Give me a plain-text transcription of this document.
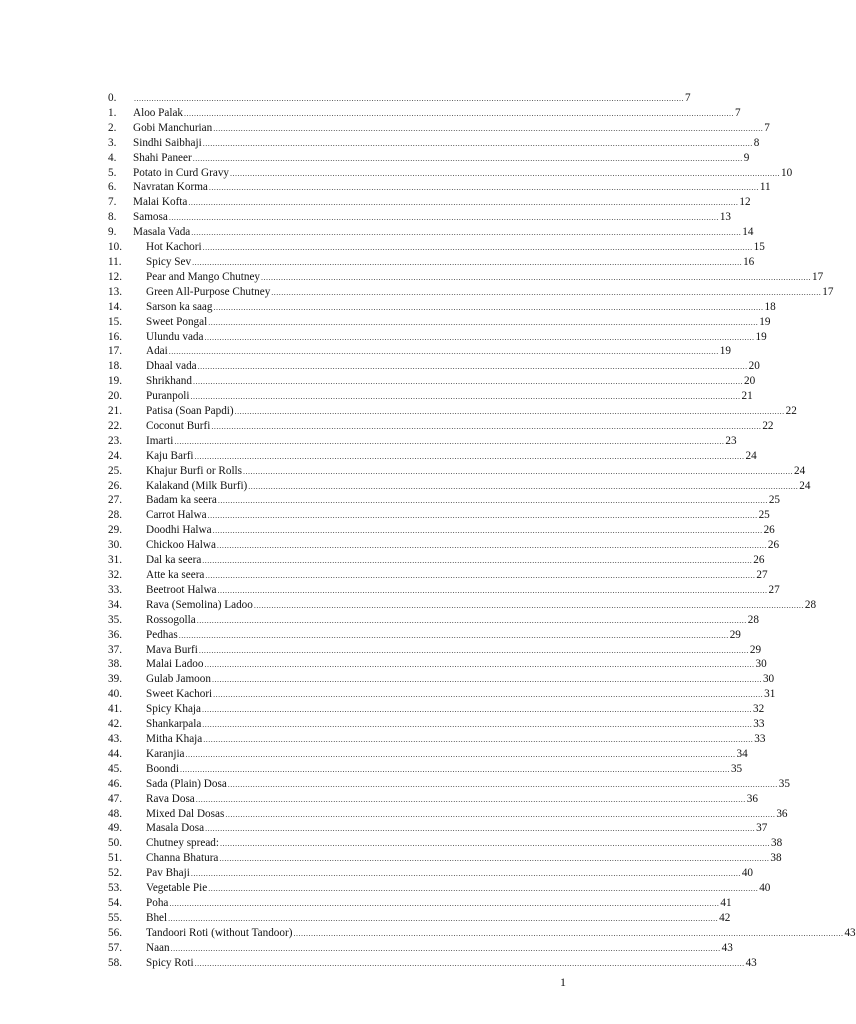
0.	............................................................................................................................................................................................................................ 7
1.	Aloo Palak ............................................................................................................................................................................................................................ 7
2.	Gobi Manchurian ............................................................................................................................................................................................................................ 7
3.	Sindhi Saibhaji ............................................................................................................................................................................................................................ 8
4.	Shahi Paneer ............................................................................................................................................................................................................................ 9
5.	Potato in Curd Gravy ............................................................................................................................................................................................................................ 10
6.	Navratan Korma ............................................................................................................................................................................................................................ 11
7.	Malai Kofta ............................................................................................................................................................................................................................ 12
8.	Samosa ............................................................................................................................................................................................................................ 13
9.	Masala Vada ............................................................................................................................................................................................................................ 14
10.	Hot Kachori ............................................................................................................................................................................................................................ 15
11.	Spicy Sev ............................................................................................................................................................................................................................ 16
12.	Pear and Mango Chutney ............................................................................................................................................................................................................................ 17
13.	Green All-Purpose Chutney ............................................................................................................................................................................................................................ 17
14.	Sarson ka saag ............................................................................................................................................................................................................................ 18
15.	Sweet Pongal ............................................................................................................................................................................................................................ 19
16.	Ulundu vada ............................................................................................................................................................................................................................ 19
17.	Adai ............................................................................................................................................................................................................................ 19
18.	Dhaal vada ............................................................................................................................................................................................................................ 20
19.	Shrikhand ............................................................................................................................................................................................................................ 20
20.	Puranpoli ............................................................................................................................................................................................................................ 21
21.	Patisa (Soan Papdi) ............................................................................................................................................................................................................................ 22
22.	Coconut Burfi ............................................................................................................................................................................................................................ 22
23.	Imarti ............................................................................................................................................................................................................................ 23
24.	Kaju Barfi ............................................................................................................................................................................................................................ 24
25.	Khajur Burfi or Rolls ............................................................................................................................................................................................................................ 24
26.	Kalakand (Milk Burfi) ............................................................................................................................................................................................................................ 24
27.	Badam ka seera ............................................................................................................................................................................................................................ 25
28.	Carrot Halwa ............................................................................................................................................................................................................................ 25
29.	Doodhi Halwa ............................................................................................................................................................................................................................ 26
30.	Chickoo Halwa ............................................................................................................................................................................................................................ 26
31.	Dal ka seera ............................................................................................................................................................................................................................ 26
32.	Atte ka seera ............................................................................................................................................................................................................................ 27
33.	Beetroot Halwa ............................................................................................................................................................................................................................ 27
34.	Rava (Semolina) Ladoo ............................................................................................................................................................................................................................ 28
35.	Rossogolla ............................................................................................................................................................................................................................ 28
36.	Pedhas ............................................................................................................................................................................................................................ 29
37.	Mava Burfi ............................................................................................................................................................................................................................ 29
38.	Malai Ladoo ............................................................................................................................................................................................................................ 30
39.	Gulab Jamoon ............................................................................................................................................................................................................................ 30
40.	Sweet Kachori ............................................................................................................................................................................................................................ 31
41.	Spicy Khaja ............................................................................................................................................................................................................................ 32
42.	Shankarpala ............................................................................................................................................................................................................................ 33
43.	Mitha Khaja ............................................................................................................................................................................................................................ 33
44.	Karanjia ............................................................................................................................................................................................................................ 34
45.	Boondi ............................................................................................................................................................................................................................ 35
46.	Sada (Plain) Dosa ............................................................................................................................................................................................................................ 35
47.	Rava Dosa ............................................................................................................................................................................................................................ 36
48.	Mixed Dal Dosas ............................................................................................................................................................................................................................ 36
49.	Masala Dosa ............................................................................................................................................................................................................................ 37
50.	Chutney spread: ............................................................................................................................................................................................................................ 38
51.	Channa Bhatura ............................................................................................................................................................................................................................ 38
52.	Pav Bhaji ............................................................................................................................................................................................................................ 40
53.	Vegetable Pie ............................................................................................................................................................................................................................ 40
54.	Poha ............................................................................................................................................................................................................................ 41
55.	Bhel ............................................................................................................................................................................................................................ 42
56.	Tandoori Roti (without Tandoor) ............................................................................................................................................................................................................................ 43
57.	Naan ............................................................................................................................................................................................................................ 43
58.	Spicy Roti ............................................................................................................................................................................................................................ 43
1
